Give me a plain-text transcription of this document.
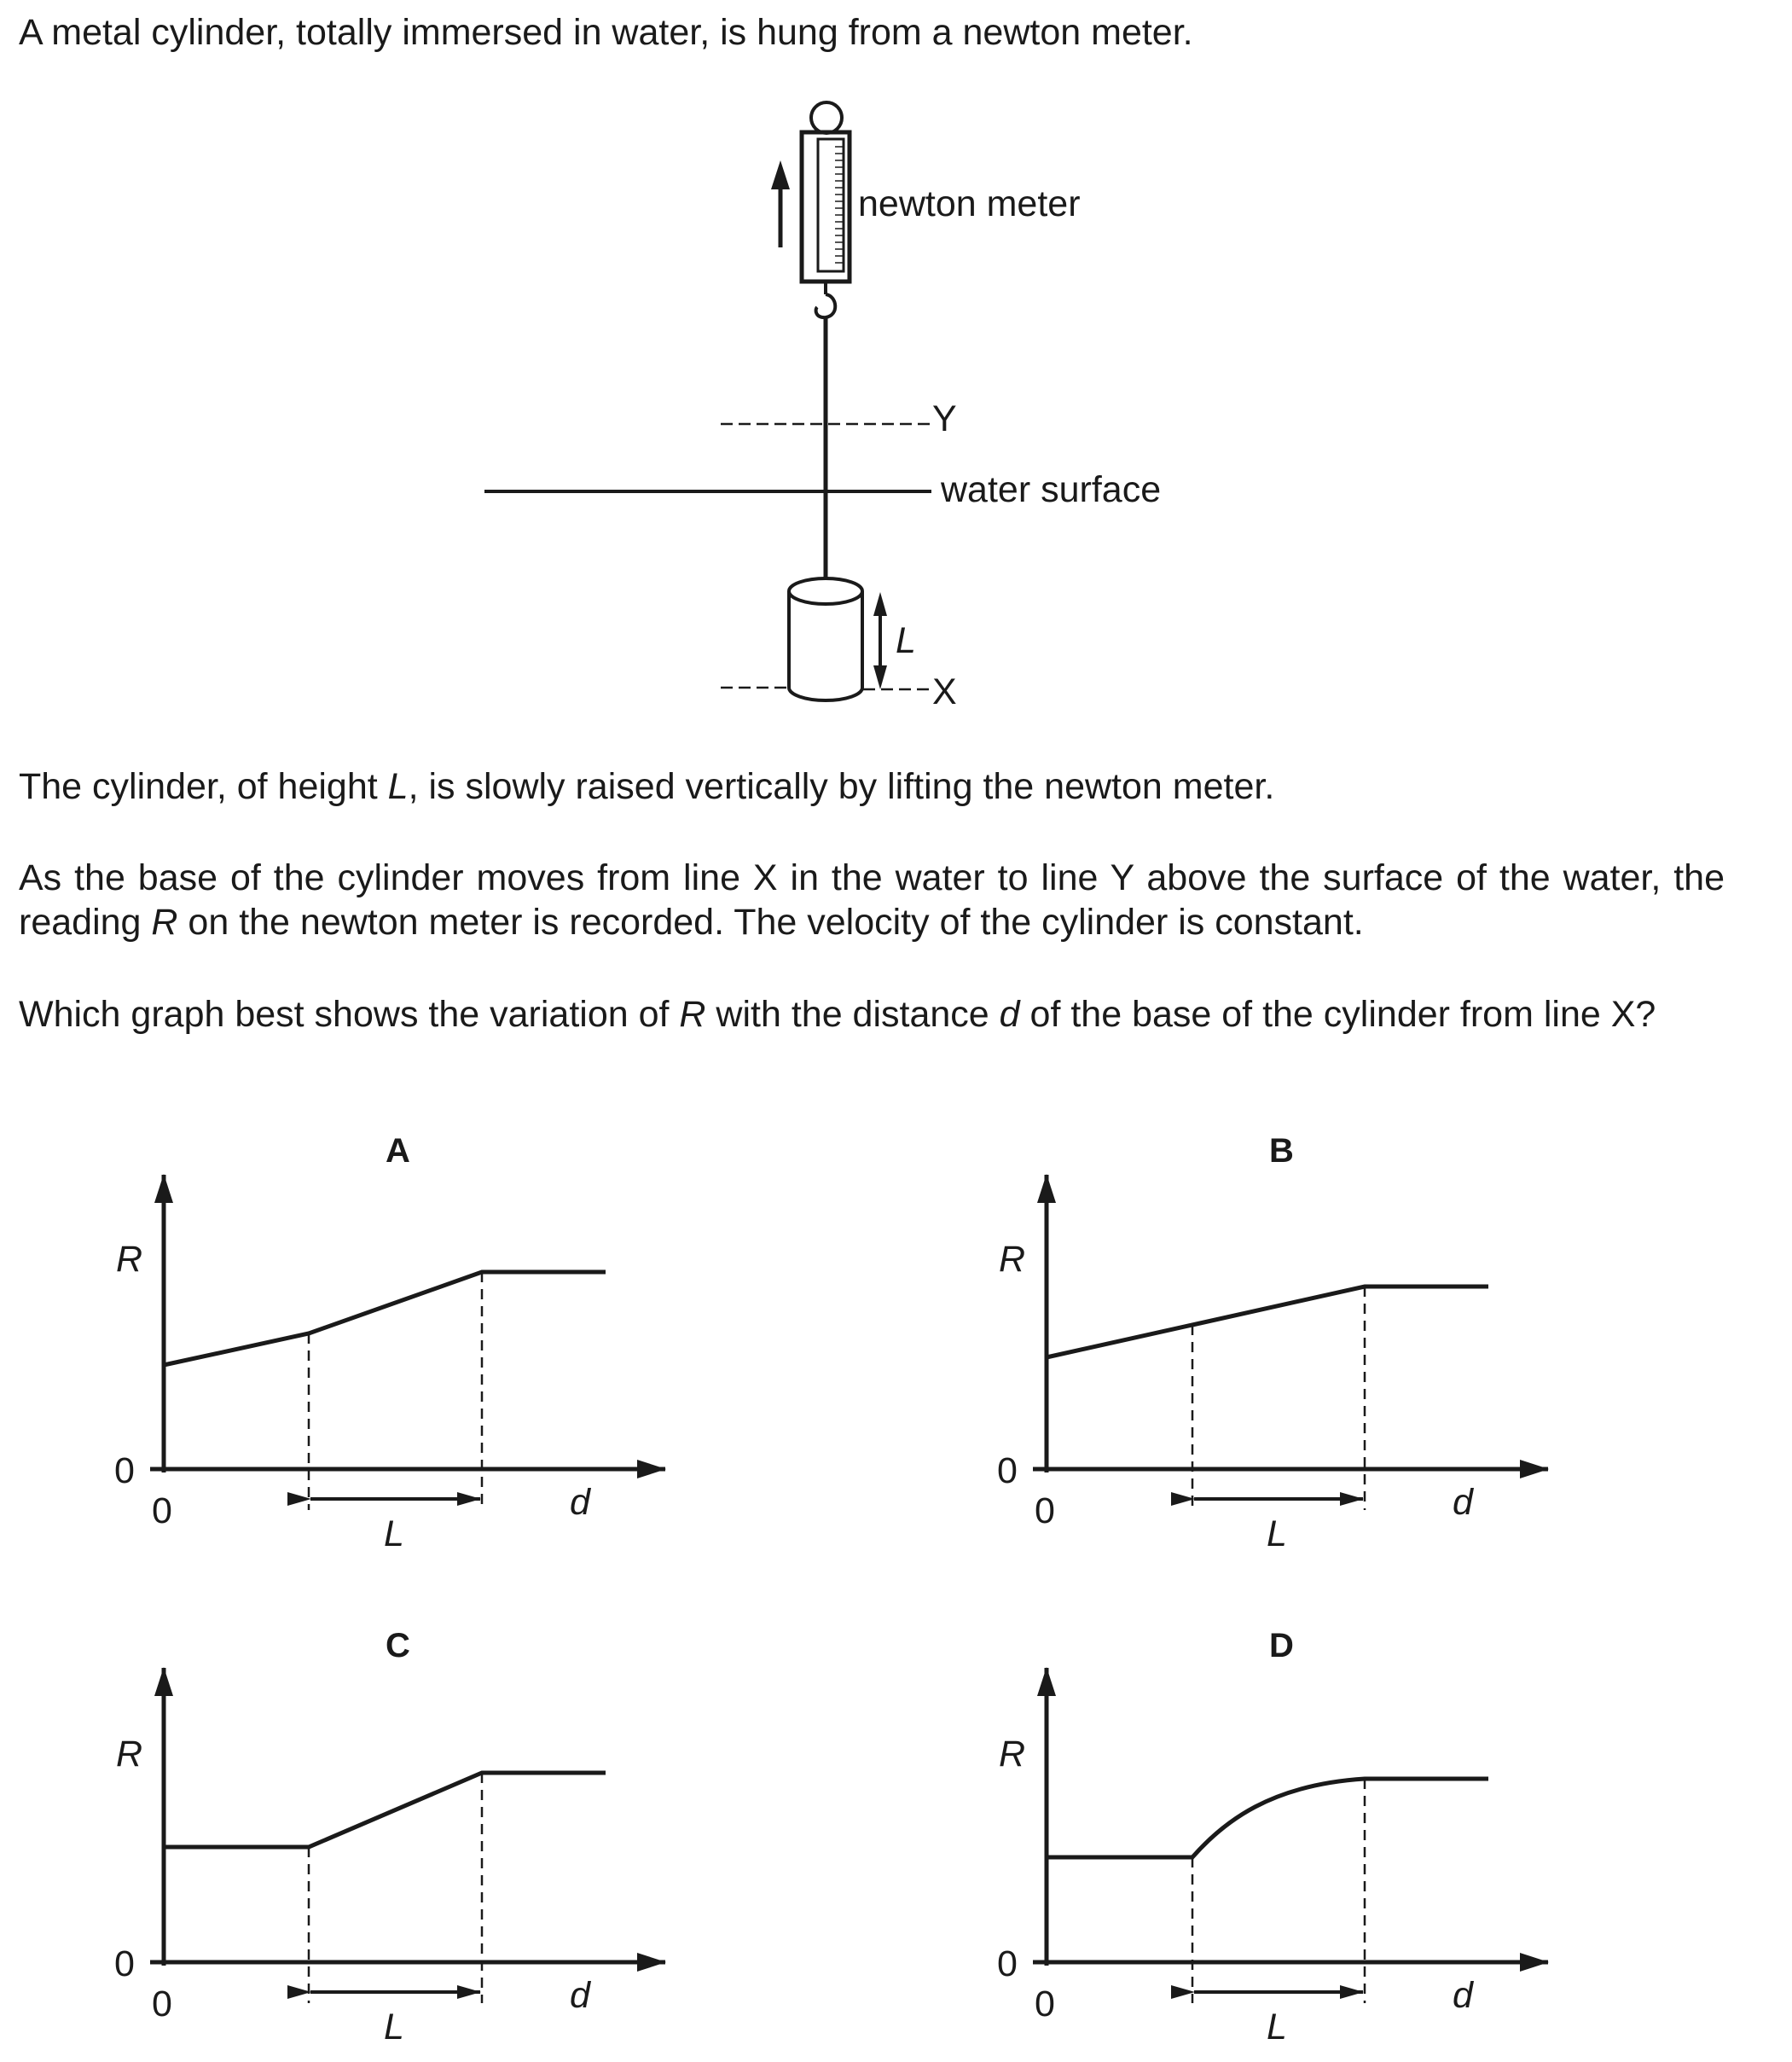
A metal cylinder, totally immersed in water, is hung from a newton meter.

The cylinder, of height L, is slowly raised vertically by lifting the newton meter.

As the base of the cylinder moves from line X in the water to line Y above the surface of the water, the reading R on the newton meter is recorded. The velocity of the cylinder is constant.

Which graph best shows the variation of R with the distance d of the base of the cylinder from line X?

newton meter
Y
water surface
L
X
A
R
0
0	d
L
B
R
0
0	d
L
C
R
0
0	d
L
D
R
0
0	d
L
